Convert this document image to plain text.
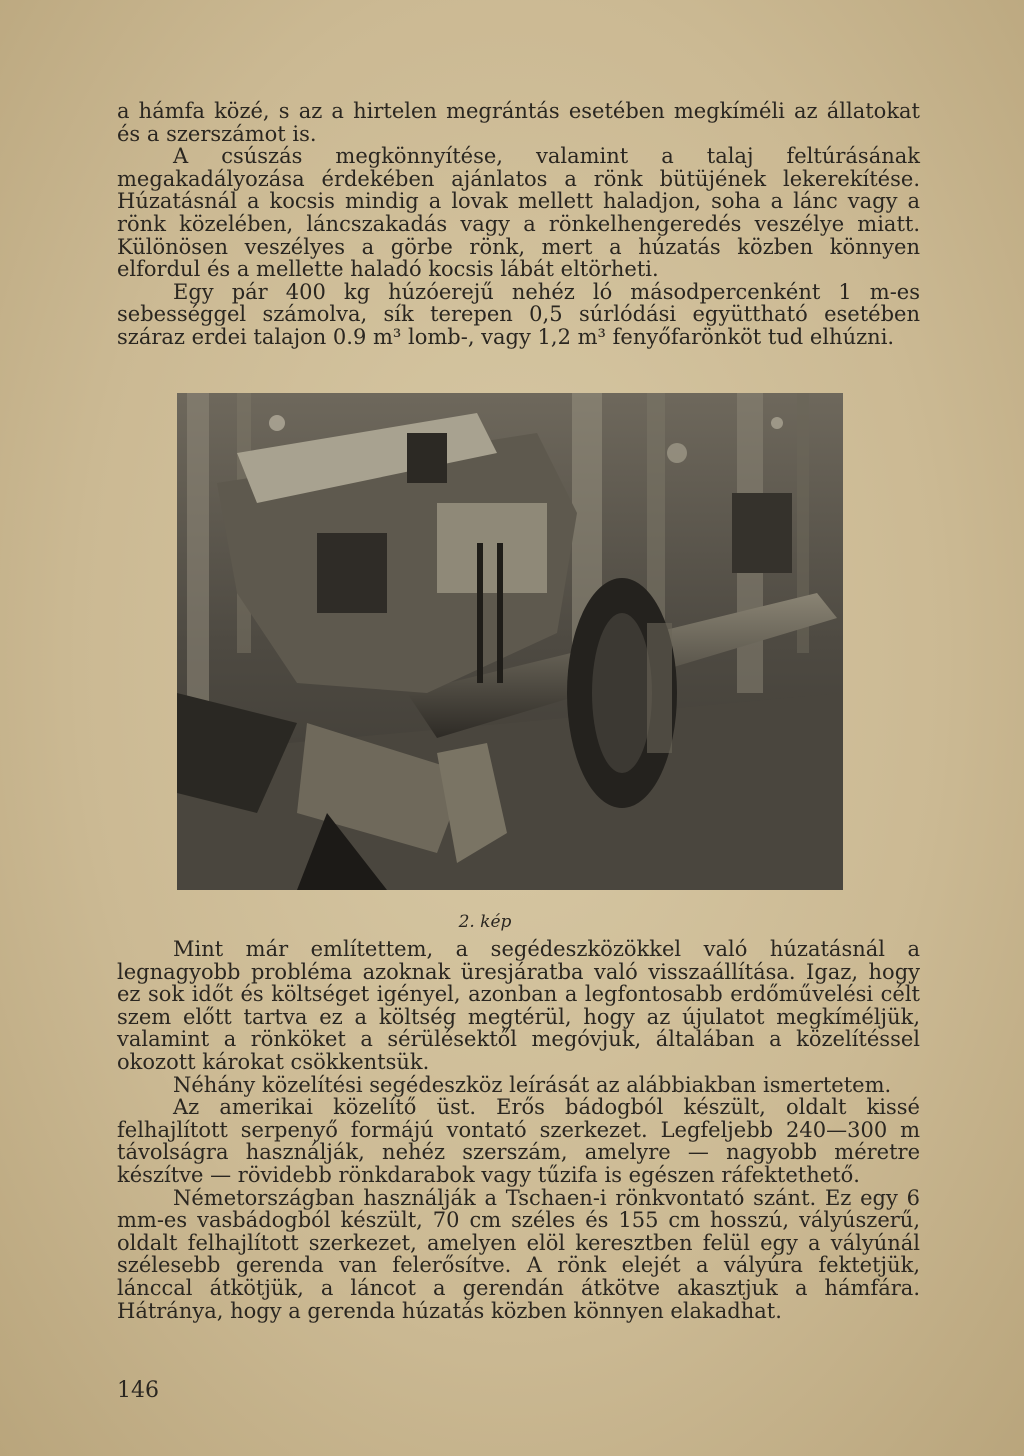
a hámfa közé, s az a hirtelen megrántás esetében megkíméli az állatokat és a szerszámot is.

A csúszás megkönnyítése, valamint a talaj feltúrásának megakadályozása érdekében ajánlatos a rönk bütüjének lekerekítése. Húzatásnál a kocsis mindig a lovak mellett haladjon, soha a lánc vagy a rönk közelében, láncszakadás vagy a rönkelhengeredés veszélye miatt. Különösen veszélyes a görbe rönk, mert a húzatás közben könnyen elfordul és a mellette haladó kocsis lábát eltörheti.

Egy pár 400 kg húzóerejű nehéz ló másodpercenként 1 m-es sebességgel számolva, sík terepen 0,5 súrlódási együttható esetében száraz erdei talajon 0.9 m³ lomb-, vagy 1,2 m³ fenyőfarönköt tud elhúzni.

2. kép

Mint már említettem, a segédeszközökkel való húzatásnál a legnagyobb probléma azoknak üresjáratba való visszaállítása. Igaz, hogy ez sok időt és költséget igényel, azonban a legfontosabb erdőművelési célt szem előtt tartva ez a költség megtérül, hogy az újulatot megkíméljük, valamint a rönköket a sérülésektől megóvjuk, általában a közelítéssel okozott károkat csökkentsük.

Néhány közelítési segédeszköz leírását az alábbiakban ismertetem.

Az amerikai közelítő üst. Erős bádogból készült, oldalt kissé felhajlított serpenyő formájú vontató szerkezet. Legfeljebb 240—300 m távolságra használják, nehéz szerszám, amelyre — nagyobb méretre készítve — rövidebb rönkdarabok vagy tűzifa is egészen ráfektethető.

Németországban használják a Tschaen-i rönkvontató szánt. Ez egy 6 mm-es vasbádogból készült, 70 cm széles és 155 cm hosszú, vályúszerű, oldalt felhajlított szerkezet, amelyen elöl keresztben felül egy a vályúnál szélesebb gerenda van felerősítve. A rönk elejét a vályúra fektetjük, lánccal átkötjük, a láncot a gerendán átkötve akasztjuk a hámfára. Hátránya, hogy a gerenda húzatás közben könnyen elakadhat.

146
